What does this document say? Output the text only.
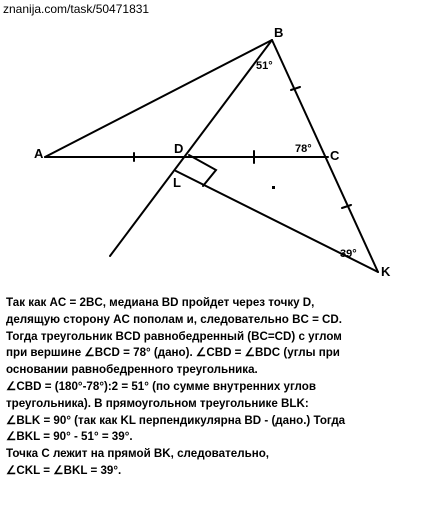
znanija.com/task/50471831
A
B
C
D
K
L
51°
78°
39°
Так как AC = 2BC, медиана BD пройдет через точку D,
делящую сторону AC пополам и, следовательно BC = CD.
Тогда треугольник BCD равнобедренный (BC=CD) с углом
при вершине ∠BCD = 78° (дано). ∠CBD = ∠BDC (углы при
основании равнобедренного треугольника.
∠CBD = (180°-78°):2 = 51° (по сумме внутренних углов
треугольника). В прямоугольном треугольнике BLK:
∠BLK = 90° (так как KL перпендикулярна BD - (дано.) Тогда
∠BKL = 90° - 51° = 39°.
Точка C лежит на прямой BK, следовательно,
∠CKL = ∠BKL = 39°.
